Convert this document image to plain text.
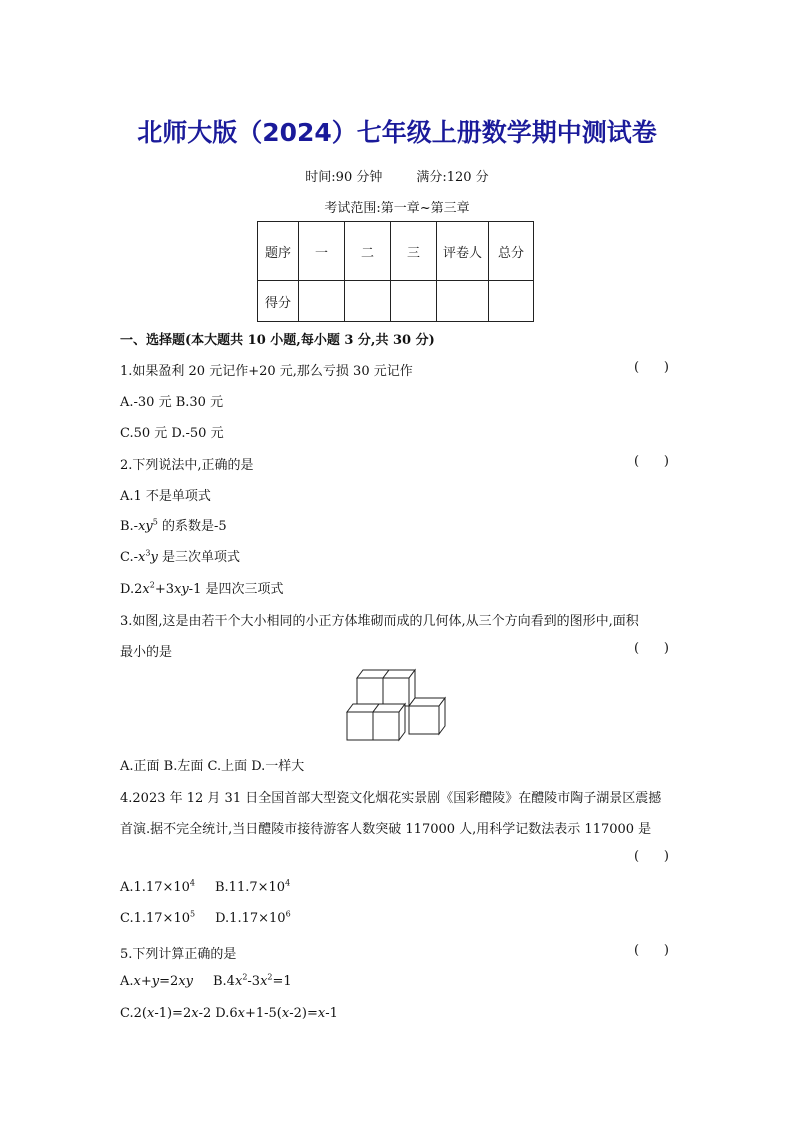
北师大版（2024）七年级上册数学期中测试卷
时间:90 分钟	满分:120 分
考试范围:第一章~第三章
题序	一	二	三	评卷人	总分
得分					
一、选择题(本大题共 10 小题,每小题 3 分,共 30 分)
1.如果盈利 20 元记作+20 元,那么亏损 30 元记作	(      )
A.-30 元 B.30 元
C.50 元 D.-50 元
2.下列说法中,正确的是	(      )
A.1 不是单项式
$B.-xy^5$ 的系数是-5
$C.-x^3y$ 是三次单项式
$D.2x^2+3xy-1$ 是四次三项式
3.如图,这是由若干个大小相同的小正方体堆砌而成的几何体,从三个方向看到的图形中,面积
最小的是	(      )
A.正面 B.左面 C.上面 D.一样大
4.2023 年 12 月 31 日全国首部大型瓷文化烟花实景剧《国彩醴陵》在醴陵市陶子湖景区震撼
首演.据不完全统计,当日醴陵市接待游客人数突破 117000 人,用科学记数法表示 117000 是
(      )
$A.1.17\times 10^4$ $B.11.7\times 10^4$
$C.1.17\times 10^5$ $D.1.17\times 10^6$
5.下列计算正确的是	(      )
A.x+y=2xy $B.4x^2-3x^2=1$
C.2(x-1)=2x-2 D.6x+1-5(x-2)=x-1
